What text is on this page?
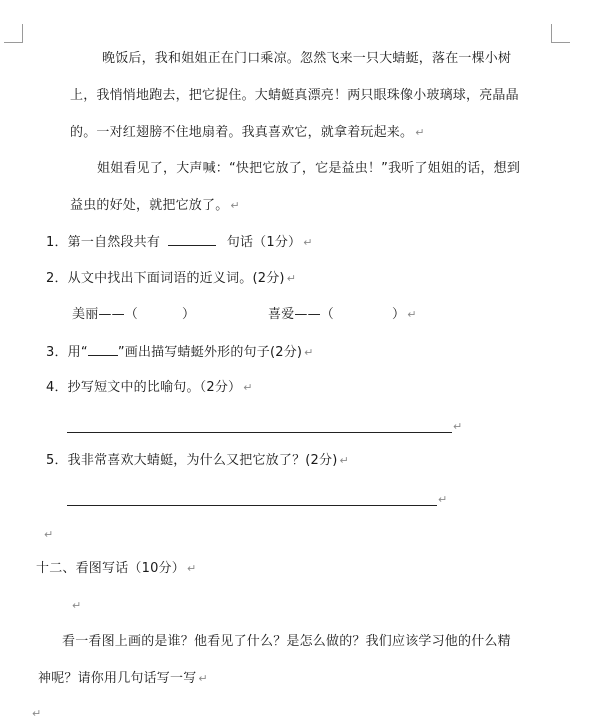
晚饭后，我和姐姐正在门口乘凉。忽然飞来一只大蜻蜓，落在一棵小树
上，我悄悄地跑去，把它捉住。大蜻蜓真漂亮！两只眼珠像小玻璃球，亮晶晶
的。一对红翅膀不住地扇着。我真喜欢它，就拿着玩起来。 ↵
姐姐看见了，大声喊：“快把它放了，它是益虫！”我听了姐姐的话，想到
益虫的好处，就把它放了。 ↵
1．第一自然段共有	句话（1分） ↵
2．从文中找出下面词语的近义词。(2分) ↵
美丽——（	）	喜爱——（	） ↵
3．用“ ”画出描写蜻蜓外形的句子(2分) ↵
4．抄写短文中的比喻句。（2分） ↵
↵
5．我非常喜欢大蜻蜓，为什么又把它放了？(2分) ↵
↵
↵
十二、看图写话（10分） ↵
↵
看一看图上画的是谁？他看见了什么？是怎么做的？我们应该学习他的什么精
神呢？请你用几句话写一写 ↵
↵
